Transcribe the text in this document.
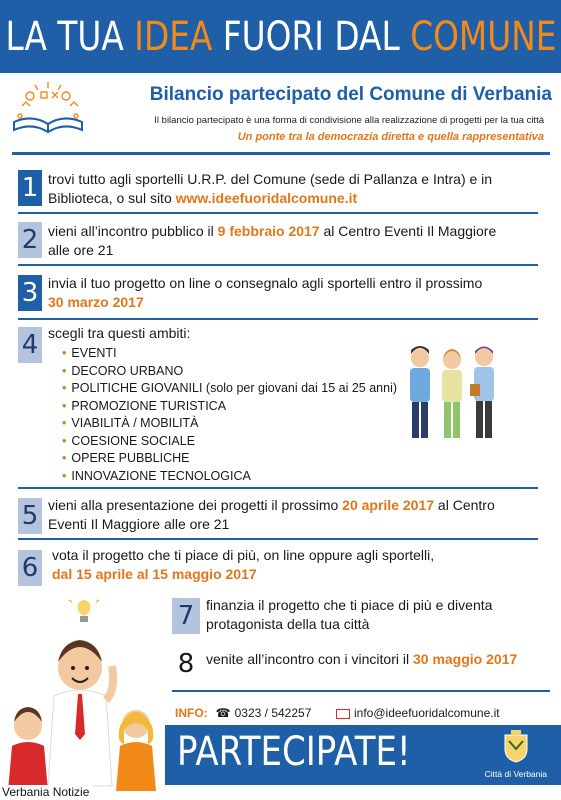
LA TUA IDEA FUORI DAL COMUNE
Bilancio partecipato del Comune di Verbania
Il bilancio partecipato è una forma di condivisione alla realizzazione di progetti per la tua città
Un ponte tra la democrazia diretta e quella rappresentativa
1 trovi tutto agli sportelli U.R.P. del Comune (sede di Pallanza e Intra) e in
Biblioteca, o sul sito www.ideefuoridalcomune.it
2 vieni all’incontro pubblico il 9 febbraio 2017 al Centro Eventi Il Maggiore
alle ore 21
3 invia il tuo progetto on line o consegnalo agli sportelli entro il prossimo
30 marzo 2017
4 scegli tra questi ambiti:
• EVENTI
• DECORO URBANO
• POLITICHE GIOVANILI (solo per giovani dai 15 ai 25 anni)
• PROMOZIONE TURISTICA
• VIABILITÀ / MOBILITÀ
• COESIONE SOCIALE
• OPERE PUBBLICHE
• INNOVAZIONE TECNOLOGICA
5 vieni alla presentazione dei progetti il prossimo 20 aprile 2017 al Centro
Eventi Il Maggiore alle ore 21
6 vota il progetto che ti piace di più, on line oppure agli sportelli,
dal 15 aprile al 15 maggio 2017
7 finanzia il progetto che ti piace di più e diventa
protagonista della tua città
8 venite all’incontro con i vincitori il 30 maggio 2017
INFO: ☎ 0323 / 542257	info@ideefuoridalcomune.it
PARTECIPATE!	Città di Verbania
Verbania Notizie
